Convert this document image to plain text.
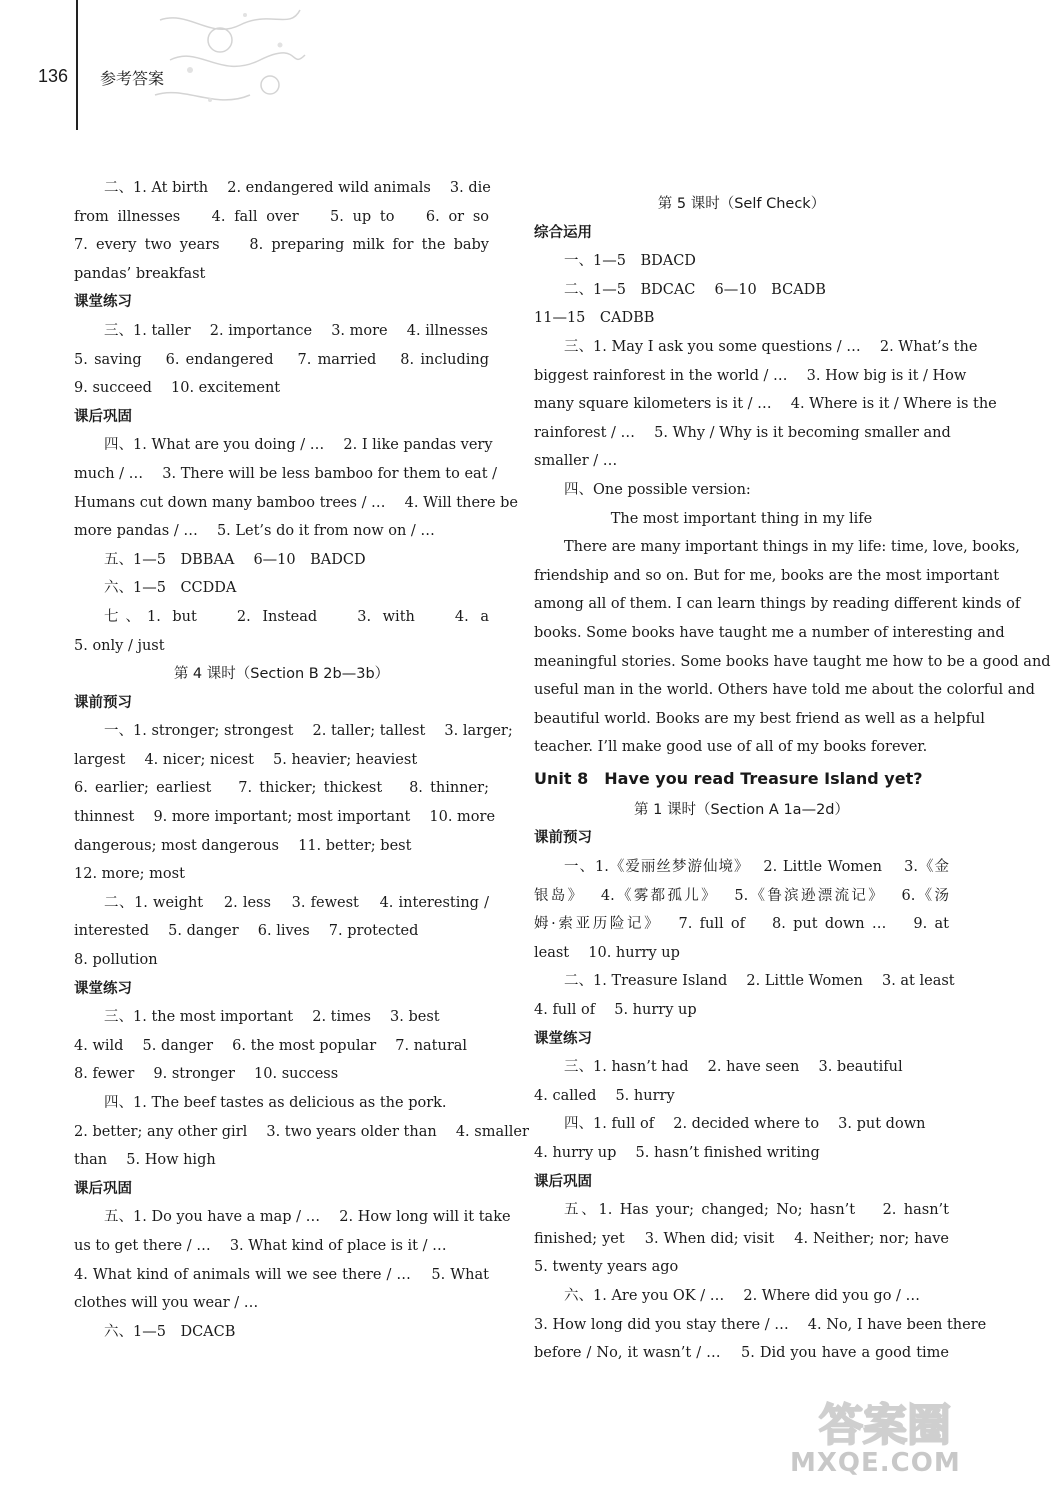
136 参考答案
二、1. At birth　 2. endangered wild animals　 3. die
from illnesses　 4. fall over　 5. up to　 6. or so
7. every two years　 8. preparing milk for the baby
pandas’ breakfast
课堂练习
三、1. taller　 2. importance　 3. more　 4. illnesses
5. saving　 6. endangered　 7. married　 8. including
9. succeed　 10. excitement
课后巩固
四、1. What are you doing / …　 2. I like pandas very
much / …　 3. There will be less bamboo for them to eat /
Humans cut down many bamboo trees / …　 4. Will there be
more pandas / …　 5. Let’s do it from now on / …
五、1—5　DBBAA　 6—10　BADCD
六、1—5　CCDDA
七、1. but　 2. Instead　 3. with　 4. a
5. only / just
第 4 课时（Section B 2b—3b）
课前预习
一、1. stronger; strongest　 2. taller; tallest　 3. larger;
largest　 4. nicer; nicest　 5. heavier; heaviest
6. earlier; earliest　 7. thicker; thickest　 8. thinner;
thinnest　 9. more important; most important　 10. more
dangerous; most dangerous　 11. better; best
12. more; most
二、1. weight　 2. less　 3. fewest　 4. interesting /
interested　 5. danger　 6. lives　 7. protected
8. pollution
课堂练习
三、1. the most important　 2. times　 3. best
4. wild　 5. danger　 6. the most popular　 7. natural
8. fewer　 9. stronger　 10. success
四、1. The beef tastes as delicious as the pork.
2. better; any other girl　 3. two years older than　 4. smaller
than　 5. How high
课后巩固
五、1. Do you have a map / …　 2. How long will it take
us to get there / …　 3. What kind of place is it / …
4. What kind of animals will we see there / …　 5. What
clothes will you wear / …
六、1—5　DCACB
第 5 课时（Self Check）
综合运用
一、1—5　BDACD
二、1—5　BDCAC　 6—10　BCADB
11—15　CADBB
三、1. May I ask you some questions / …　 2. What’s the
biggest rainforest in the world / …　 3. How big is it / How
many square kilometers is it / …　 4. Where is it / Where is the
rainforest / …　 5. Why / Why is it becoming smaller and
smaller / …
四、One possible version:
The most important thing in my life
There are many important things in my life: time, love, books,
friendship and so on. But for me, books are the most important
among all of them. I can learn things by reading different kinds of
books. Some books have taught me a number of interesting and
meaningful stories. Some books have taught me how to be a good and
useful man in the world. Others have told me about the colorful and
beautiful world. Books are my best friend as well as a helpful
teacher. I’ll make good use of all of my books forever.
Unit 8　Have you read Treasure Island yet?
第 1 课时（Section A 1a—2d）
课前预习
一、1.《爱丽丝梦游仙境》　 2. Little Women　 3.《金
银岛》　 4.《雾都孤儿》　 5.《鲁滨逊漂流记》　 6.《汤
姆·索亚历险记》　 7. full of　 8. put down …　 9. at
least　 10. hurry up
二、1. Treasure Island　 2. Little Women　 3. at least
4. full of　 5. hurry up
课堂练习
三、1. hasn’t had　 2. have seen　 3. beautiful
4. called　 5. hurry
四、1. full of　 2. decided where to　 3. put down
4. hurry up　 5. hasn’t finished writing
课后巩固
五、1. Has your; changed; No; hasn’t　 2. hasn’t
finished; yet　 3. When did; visit　 4. Neither; nor; have
5. twenty years ago
六、1. Are you OK / …　 2. Where did you go / …
3. How long did you stay there / …　 4. No, I have been there
before / No, it wasn’t / …　 5. Did you have a good time
答案圈
MXQE.COM
